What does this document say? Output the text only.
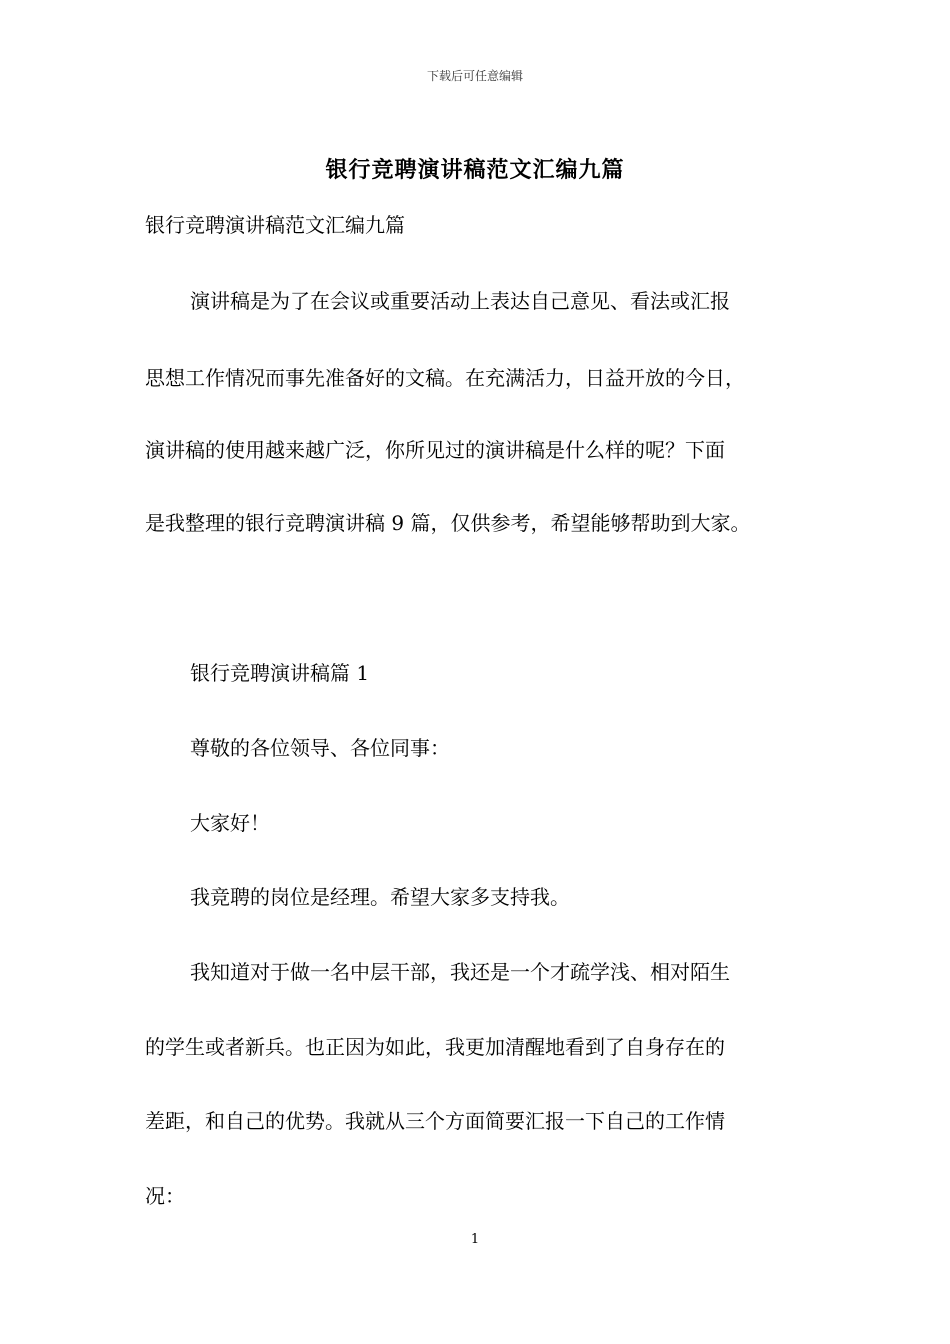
下载后可任意编辑
银行竞聘演讲稿范文汇编九篇
银行竞聘演讲稿范文汇编九篇
演讲稿是为了在会议或重要活动上表达自己意见、看法或汇报
思想工作情况而事先准备好的文稿。在充满活力，日益开放的今日，
演讲稿的使用越来越广泛，你所见过的演讲稿是什么样的呢？下面
是我整理的银行竞聘演讲稿 9 篇，仅供参考，希望能够帮助到大家。
银行竞聘演讲稿篇 1
尊敬的各位领导、各位同事：
大家好！
我竞聘的岗位是经理。希望大家多支持我。
我知道对于做一名中层干部，我还是一个才疏学浅、相对陌生
的学生或者新兵。也正因为如此，我更加清醒地看到了自身存在的
差距，和自己的优势。我就从三个方面简要汇报一下自己的工作情
况：
1
